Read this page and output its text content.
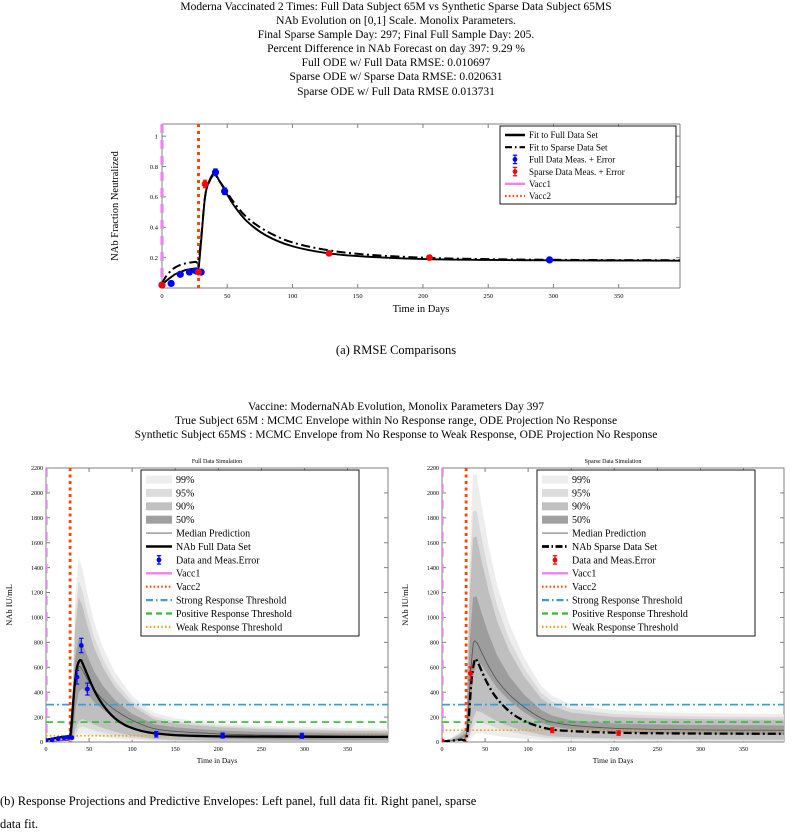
Moderna Vaccinated 2 Times: Full Data Subject 65M vs Synthetic Sparse Data Subject 65MS
NAb Evolution on [0,1] Scale. Monolix Parameters.
Final Sparse Sample Day: 297; Final Full Sample Day: 205.
Percent Difference in NAb Forecast on day 397: 9.29 %
Full ODE w/ Full Data RMSE: 0.010697
Sparse ODE w/ Sparse Data RMSE: 0.020631
Sparse ODE w/ Full Data RMSE 0.013731
0	50	100	150	200	250	300	350
0.2
0.4
0.6
0.8
1
Time in Days
NAb Fraction Neutralized
Fit to Full Data Set
Fit to Sparse Data Set
Full Data Meas. + Error
Sparse Data Meas. + Error
Vacc1
Vacc2
(a) RMSE Comparisons
Vaccine: ModernaNAb Evolution, Monolix Parameters Day 397
True Subject 65M : MCMC Envelope within No Response range, ODE Projection No Response
Synthetic Subject 65MS : MCMC Envelope from No Response to Weak Response, ODE Projection No Response
Full Data Simulation
0	50	100	150	200	250	300	350
0
200
400
600
800
1000
1200
1400
1600
1800
2000
2200
Time in Days
NAb IU/mL
99%
95%
90%
50%
Median Prediction
NAb Full Data Set
Data and Meas.Error
Vacc1
Vacc2
Strong Response Threshold
Positive Response Threshold
Weak Response Threshold
Sparse Data Simulation
0	50	100	150	200	250	300	350
0
200
400
600
800
1000
1200
1400
1600
1800
2000
2200
Time in Days
NAb IU/mL
99%
95%
90%
50%
Median Prediction
NAb Sparse Data Set
Data and Meas.Error
Vacc1
Vacc2
Strong Response Threshold
Positive Response Threshold
Weak Response Threshold
(b) Response Projections and Predictive Envelopes: Left panel, full data fit. Right panel, sparse
data fit.
